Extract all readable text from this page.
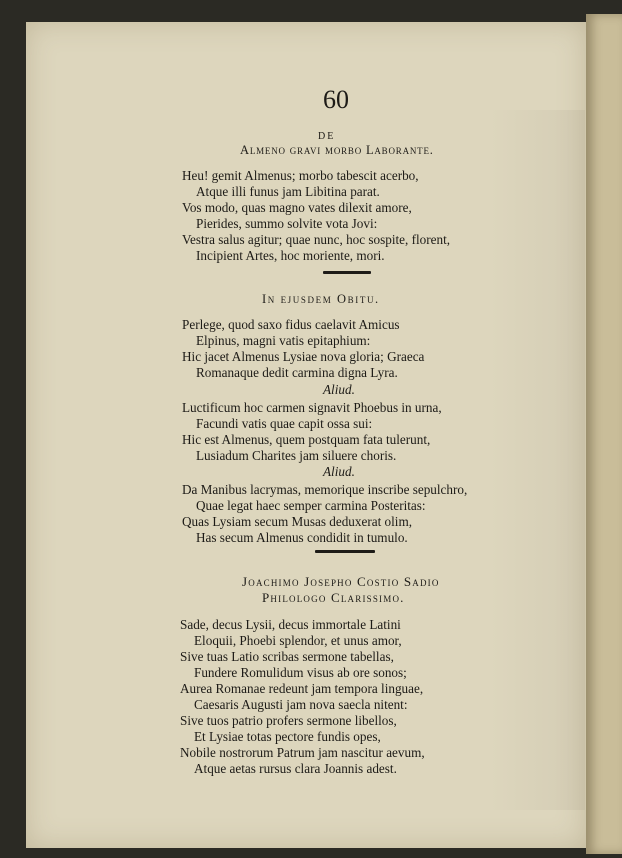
60
DE
Almeno gravi morbo Laborante.
Heu! gemit Almenus; morbo tabescit acerbo,
Atque illi funus jam Libitina parat.
Vos modo, quas magno vates dilexit amore,
Pierides, summo solvite vota Jovi:
Vestra salus agitur; quae nunc, hoc sospite, florent,
Incipient Artes, hoc moriente, mori.
In ejusdem Obitu.
Perlege, quod saxo fidus caelavit Amicus
Elpinus, magni vatis epitaphium:
Hic jacet Almenus Lysiae nova gloria; Graeca
Romanaque dedit carmina digna Lyra.
Aliud.
Luctificum hoc carmen signavit Phoebus in urna,
Facundi vatis quae capit ossa sui:
Hic est Almenus, quem postquam fata tulerunt,
Lusiadum Charites jam siluere choris.
Aliud.
Da Manibus lacrymas, memorique inscribe sepulchro,
Quae legat haec semper carmina Posteritas:
Quas Lysiam secum Musas deduxerat olim,
Has secum Almenus condidit in tumulo.
Joachimo Josepho Costio Sadio
Philologo Clarissimo.
Sade, decus Lysii, decus immortale Latini
Eloquii, Phoebi splendor, et unus amor,
Sive tuas Latio scribas sermone tabellas,
Fundere Romulidum visus ab ore sonos;
Aurea Romanae redeunt jam tempora linguae,
Caesaris Augusti jam nova saecla nitent:
Sive tuos patrio profers sermone libellos,
Et Lysiae totas pectore fundis opes,
Nobile nostrorum Patrum jam nascitur aevum,
Atque aetas rursus clara Joannis adest.
